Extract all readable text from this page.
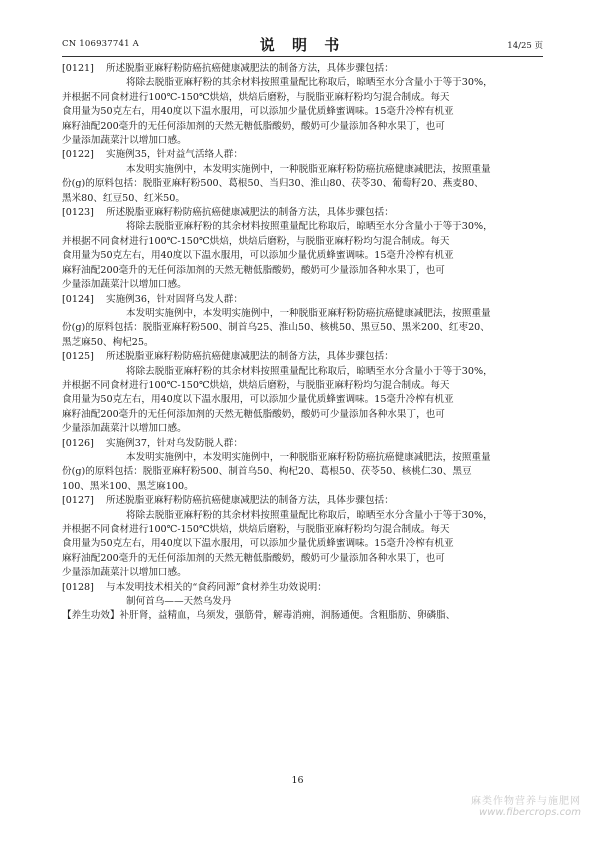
CN 106937741 A	说 明 书	14/25 页
[0121]	所述脱脂亚麻籽粉防癌抗癌健康减肥法的制备方法，具体步骤包括：
将除去脱脂亚麻籽粉的其余材料按照重量配比称取后，晾晒至水分含量小于等于30%，
并根据不同食材进行100℃-150℃烘焙，烘焙后磨粉，与脱脂亚麻籽粉均匀混合制成。每天
食用量为50克左右，用40度以下温水服用，可以添加少量优质蜂蜜调味。15毫升冷榨有机亚
麻籽油配200毫升的无任何添加剂的天然无糖低脂酸奶，酸奶可少量添加各种水果丁，也可
少量添加蔬菜汁以增加口感。
[0122]	实施例35，针对益气活络人群：
本发明实施例中，本发明实施例中，一种脱脂亚麻籽粉防癌抗癌健康减肥法，按照重量
份(g)的原料包括：脱脂亚麻籽粉500、葛根50、当归30、淮山80、茯苓30、葡萄籽20、燕麦80、
黑米80、红豆50、红米50。
[0123]	所述脱脂亚麻籽粉防癌抗癌健康减肥法的制备方法，具体步骤包括：
将除去脱脂亚麻籽粉的其余材料按照重量配比称取后，晾晒至水分含量小于等于30%，
并根据不同食材进行100℃-150℃烘焙，烘焙后磨粉，与脱脂亚麻籽粉均匀混合制成。每天
食用量为50克左右，用40度以下温水服用，可以添加少量优质蜂蜜调味。15毫升冷榨有机亚
麻籽油配200毫升的无任何添加剂的天然无糖低脂酸奶，酸奶可少量添加各种水果丁，也可
少量添加蔬菜汁以增加口感。
[0124]	实施例36，针对固肾乌发人群：
本发明实施例中，本发明实施例中，一种脱脂亚麻籽粉防癌抗癌健康减肥法，按照重量
份(g)的原料包括：脱脂亚麻籽粉500、制首乌25、淮山50、核桃50、黑豆50、黑米200、红枣20、
黑芝麻50、枸杞25。
[0125]	所述脱脂亚麻籽粉防癌抗癌健康减肥法的制备方法，具体步骤包括：
将除去脱脂亚麻籽粉的其余材料按照重量配比称取后，晾晒至水分含量小于等于30%，
并根据不同食材进行100℃-150℃烘焙，烘焙后磨粉，与脱脂亚麻籽粉均匀混合制成。每天
食用量为50克左右，用40度以下温水服用，可以添加少量优质蜂蜜调味。15毫升冷榨有机亚
麻籽油配200毫升的无任何添加剂的天然无糖低脂酸奶，酸奶可少量添加各种水果丁，也可
少量添加蔬菜汁以增加口感。
[0126]	实施例37，针对乌发防脱人群：
本发明实施例中，本发明实施例中，一种脱脂亚麻籽粉防癌抗癌健康减肥法，按照重量
份(g)的原料包括：脱脂亚麻籽粉500、制首乌50、枸杞20、葛根50、茯苓50、核桃仁30、黑豆
100、黑米100、黑芝麻100。
[0127]	所述脱脂亚麻籽粉防癌抗癌健康减肥法的制备方法，具体步骤包括：
将除去脱脂亚麻籽粉的其余材料按照重量配比称取后，晾晒至水分含量小于等于30%，
并根据不同食材进行100℃-150℃烘焙，烘焙后磨粉，与脱脂亚麻籽粉均匀混合制成。每天
食用量为50克左右，用40度以下温水服用，可以添加少量优质蜂蜜调味。15毫升冷榨有机亚
麻籽油配200毫升的无任何添加剂的天然无糖低脂酸奶，酸奶可少量添加各种水果丁，也可
少量添加蔬菜汁以增加口感。
[0128]	与本发明技术相关的“食药同源”食材养生功效说明：
制何首乌——天然乌发丹
【养生功效】补肝肾，益精血，乌须发，强筋骨，解毒消痈，润肠通便。含粗脂肪、卵磷脂、
16
麻类作物营养与施肥网
www.fibercrops.com
